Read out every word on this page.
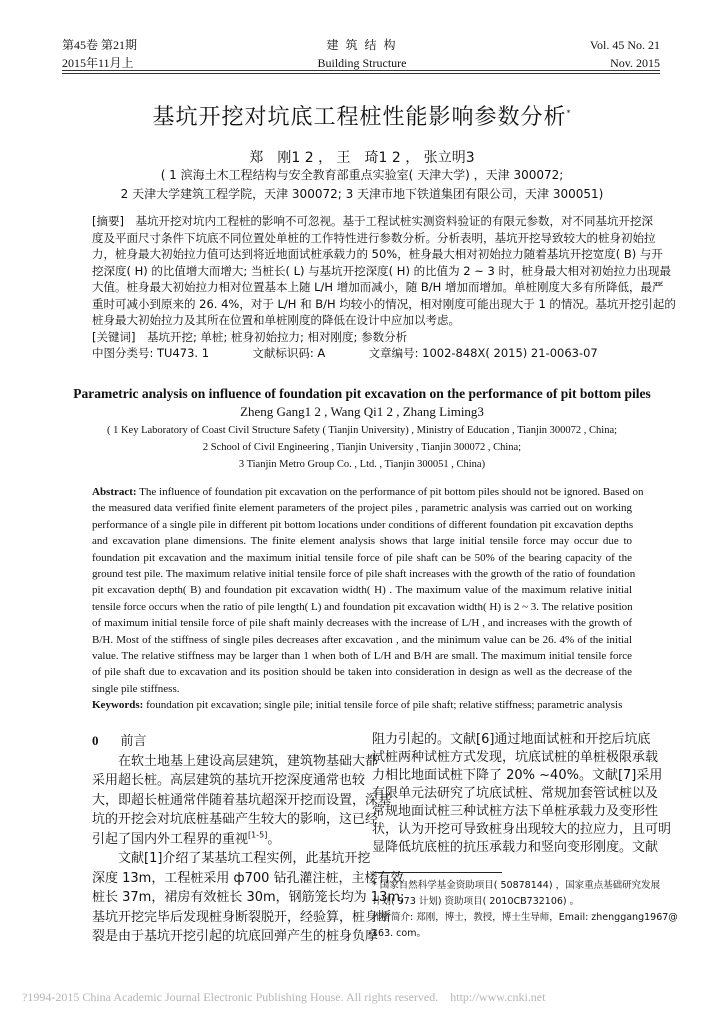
第45卷 第21期
2015年11月上
建 筑 结 构
Building Structure
Vol. 45 No. 21
Nov. 2015
基坑开挖对坑底工程桩性能影响参数分析*
郑　刚1 2 ， 王　琦1 2 ， 张立明3
( 1 滨海土木工程结构与安全教育部重点实验室( 天津大学) ，天津 300072;
2 天津大学建筑工程学院，天津 300072; 3 天津市地下铁道集团有限公司，天津 300051)
[摘要]　基坑开挖对坑内工程桩的影响不可忽视。基于工程试桩实测资料验证的有限元参数，对不同基坑开挖深
度及平面尺寸条件下坑底不同位置处单桩的工作特性进行参数分析。分析表明，基坑开挖导致较大的桩身初始拉
力，桩身最大初始拉力值可达到将近地面试桩承载力的 50%，桩身最大相对初始拉力随着基坑开挖宽度( B) 与开
挖深度( H) 的比值增大而增大; 当桩长( L) 与基坑开挖深度( H) 的比值为 2 ~ 3 时，桩身最大相对初始拉力出现最
大值。桩身最大初始拉力相对位置基本上随 L/H 增加而减小，随 B/H 增加而增加。单桩刚度大多有所降低，最严
重时可减小到原来的 26. 4%，对于 L/H 和 B/H 均较小的情况，相对刚度可能出现大于 1 的情况。基坑开挖引起的
桩身最大初始拉力及其所在位置和单桩刚度的降低在设计中应加以考虑。
[关键词]　基坑开挖; 单桩; 桩身初始拉力; 相对刚度; 参数分析
中图分类号: TU473. 1	文献标识码: A	文章编号: 1002-848X( 2015) 21-0063-07
Parametric analysis on influence of foundation pit excavation on the performance of pit bottom piles
Zheng Gang1 2 , Wang Qi1 2 , Zhang Liming3
( 1 Key Laboratory of Coast Civil Structure Safety ( Tianjin University) , Ministry of Education , Tianjin 300072 , China;
2 School of Civil Engineering , Tianjin University , Tianjin 300072 , China;
3 Tianjin Metro Group Co. , Ltd. , Tianjin 300051 , China)
Abstract: The influence of foundation pit excavation on the performance of pit bottom piles should not be ignored. Based on
the measured data verified finite element parameters of the project piles , parametric analysis was carried out on working
performance of a single pile in different pit bottom locations under conditions of different foundation pit excavation depths
and excavation plane dimensions. The finite element analysis shows that large initial tensile force may occur due to
foundation pit excavation and the maximum initial tensile force of pile shaft can be 50% of the bearing capacity of the
ground test pile. The maximum relative initial tensile force of pile shaft increases with the growth of the ratio of foundation
pit excavation depth( B) and foundation pit excavation width( H) . The maximum value of the maximum relative initial
tensile force occurs when the ratio of pile length( L) and foundation pit excavation width( H) is 2 ~ 3. The relative position
of maximum initial tensile force of pile shaft mainly decreases with the increase of L/H , and increases with the growth of
B/H. Most of the stiffness of single piles decreases after excavation , and the minimum value can be 26. 4% of the initial
value. The relative stiffness may be larger than 1 when both of L/H and B/H are small. The maximum initial tensile force
of pile shaft due to excavation and its position should be taken into consideration in design as well as the decrease of the
single pile stiffness.
Keywords: foundation pit excavation; single pile; initial tensile force of pile shaft; relative stiffness; parametric analysis
0 前言
　　在软土地基上建设高层建筑，建筑物基础大都
采用超长桩。高层建筑的基坑开挖深度通常也较
大，即超长桩通常伴随着基坑超深开挖而设置，深基
坑的开挖会对坑底桩基础产生较大的影响，这已经
引起了国内外工程界的重视[1-5]。
　　文献[1]介绍了某基坑工程实例，此基坑开挖
深度 13m，工程桩采用 ф700 钻孔灌注桩，主楼有效
桩长 37m，裙房有效桩长 30m，钢筋笼长均为 13m;
基坑开挖完毕后发现桩身断裂脱开，经验算，桩身断
裂是由于基坑开挖引起的坑底回弹产生的桩身负摩
阻力引起的。文献[6]通过地面试桩和开挖后坑底
试桩两种试桩方式发现，坑底试桩的单桩极限承载
力相比地面试桩下降了 20% ~40%。文献[7]采用
有限单元法研究了坑底试桩、常规加套管试桩以及
常规地面试桩三种试桩方法下单桩承载力及变形性
状，认为开挖可导致桩身出现较大的拉应力，且可明
显降低坑底桩的抗压承载力和竖向变形刚度。文献
* 国家自然科学基金资助项目( 50878144) ，国家重点基础研究发展
计划( 973 计划) 资助项目( 2010CB732106) 。
作者简介: 郑刚，博士，教授，博士生导师，Email: zhenggang1967@
163. com。
?1994-2015 China Academic Journal Electronic Publishing House. All rights reserved.    http://www.cnki.net
